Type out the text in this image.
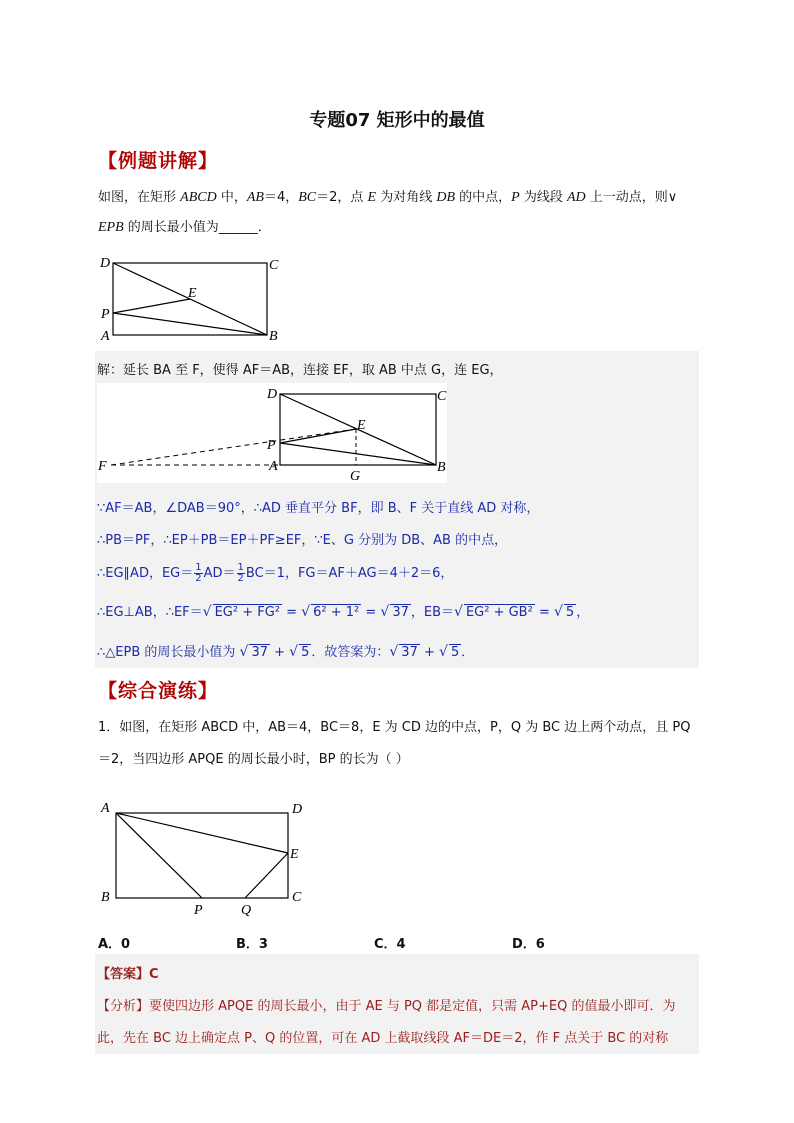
专题07 矩形中的最值
【例题讲解】
如图，在矩形 ABCD 中，AB＝4，BC＝2，点 E 为对角线 DB 的中点，P 为线段 AD 上一动点，则∨
EPB 的周长最小值为______．
D	C
E
P
A	B
解：延长 BA 至 F，使得 AF＝AB，连接 EF，取 AB 中点 G，连 EG，
D	C
E
P
F	A
G
B
∵AF＝AB，∠DAB＝90°，∴AD 垂直平分 BF，即 B、F 关于直线 AD 对称，
∴PB＝PF，∴EP＋PB＝EP＋PF≥EF，∵E、G 分别为 DB、AB 的中点，
∴EG∥AD，$EG= \frac{1}{2} AD= \frac{1}{2} BC=1$，FG＝AF＋AG＝4＋2＝6，
∴EG⊥AB，∴EF＝√ EG² + FG² = √ 6² + 1² = √ 37 ，EB＝√ EG² + GB² = √ 5 ，
∴△EPB 的周长最小值为 √ 37 + √ 5 ．故答案为：√ 37 + √ 5 ．
【综合演练】
1．如图，在矩形 ABCD 中，AB＝4，BC＝8，E 为 CD 边的中点，P，Q 为 BC 边上两个动点，且 PQ
＝2，当四边形 APQE 的周长最小时，BP 的长为（ ）
A	D
E
B
P	Q
C
A．0	B．3	C．4	D．6
【答案】C
【分析】要使四边形 APQE 的周长最小，由于 AE 与 PQ 都是定值，只需 AP+EQ 的值最小即可．为
此，先在 BC 边上确定点 P、Q 的位置，可在 AD 上截取线段 AF＝DE＝2，作 F 点关于 BC 的对称
